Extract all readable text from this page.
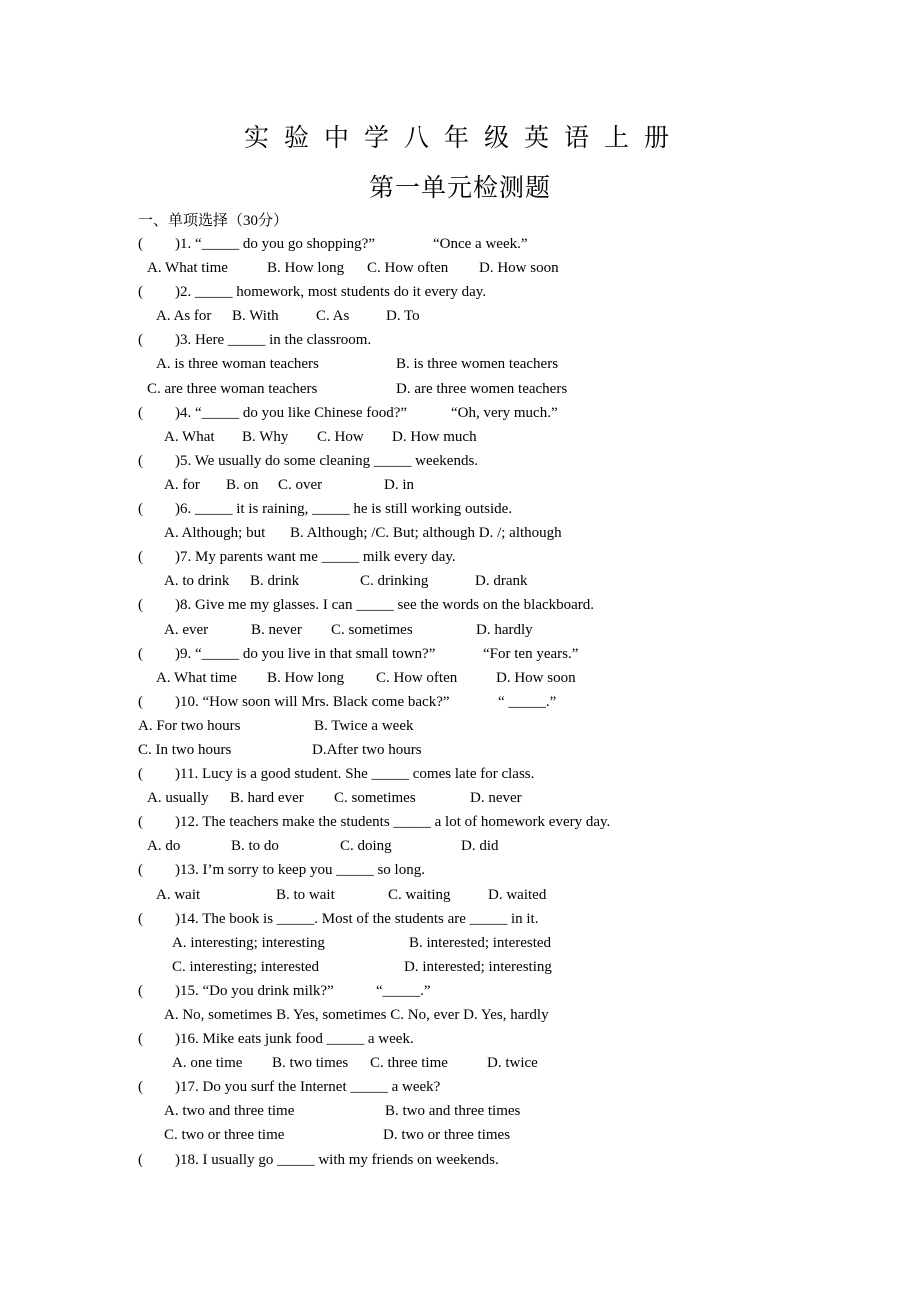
实验中学八年级英语上册
第一单元检测题
一、单项选择（30分）
( )1. “_____ do you go shopping?”	“Once a week.”
A. What time	B. How long C. How often D. How soon
( )2. _____ homework, most students do it every day.
A. As for B. With C. As D. To
( )3. Here _____ in the classroom.
A. is three woman teachers	B. is three women teachers
C. are three woman teachers	D. are three women teachers
( )4. “_____ do you like Chinese food?”	“Oh, very much.”
A. What B. Why C. How D. How much
( )5. We usually do some cleaning _____ weekends.
A. for B. on C. over	D. in
( )6. _____ it is raining, _____ he is still working outside.
A. Although; but B. Although; /C. But; although D. /; although
( )7. My parents want me _____ milk every day.
A. to drink B. drink	C. drinking	D. drank
( )8. Give me my glasses. I can _____ see the words on the blackboard.
A. ever	B. never C. sometimes	D. hardly
( )9. “_____ do you live in that small town?”	“For ten years.”
A. What time B. How long C. How often	D. How soon
( )10. “How soon will Mrs. Black come back?”	“ _____.”
A. For two hours	B. Twice a week
C. In two hours	D.After two hours
( )11. Lucy is a good student. She _____ comes late for class.
A. usually B. hard ever C. sometimes	D. never
( )12. The teachers make the students _____ a lot of homework every day.
A. do	B. to do	C. doing	D. did
( )13. I’m sorry to keep you _____ so long.
A. wait	B. to wait	C. waiting	D. waited
( )14. The book is _____. Most of the students are _____ in it.
A. interesting; interesting	B. interested; interested
C. interesting; interested	D. interested; interesting
( )15. “Do you drink milk?”	“_____.”
A. No, sometimes B. Yes, sometimes C. No, ever D. Yes, hardly
( )16. Mike eats junk food _____ a week.
A. one time B. two times C. three time	D. twice
( )17. Do you surf the Internet _____ a week?
A. two and three time	B. two and three times
C. two or three time	D. two or three times
( )18. I usually go _____ with my friends on weekends.
